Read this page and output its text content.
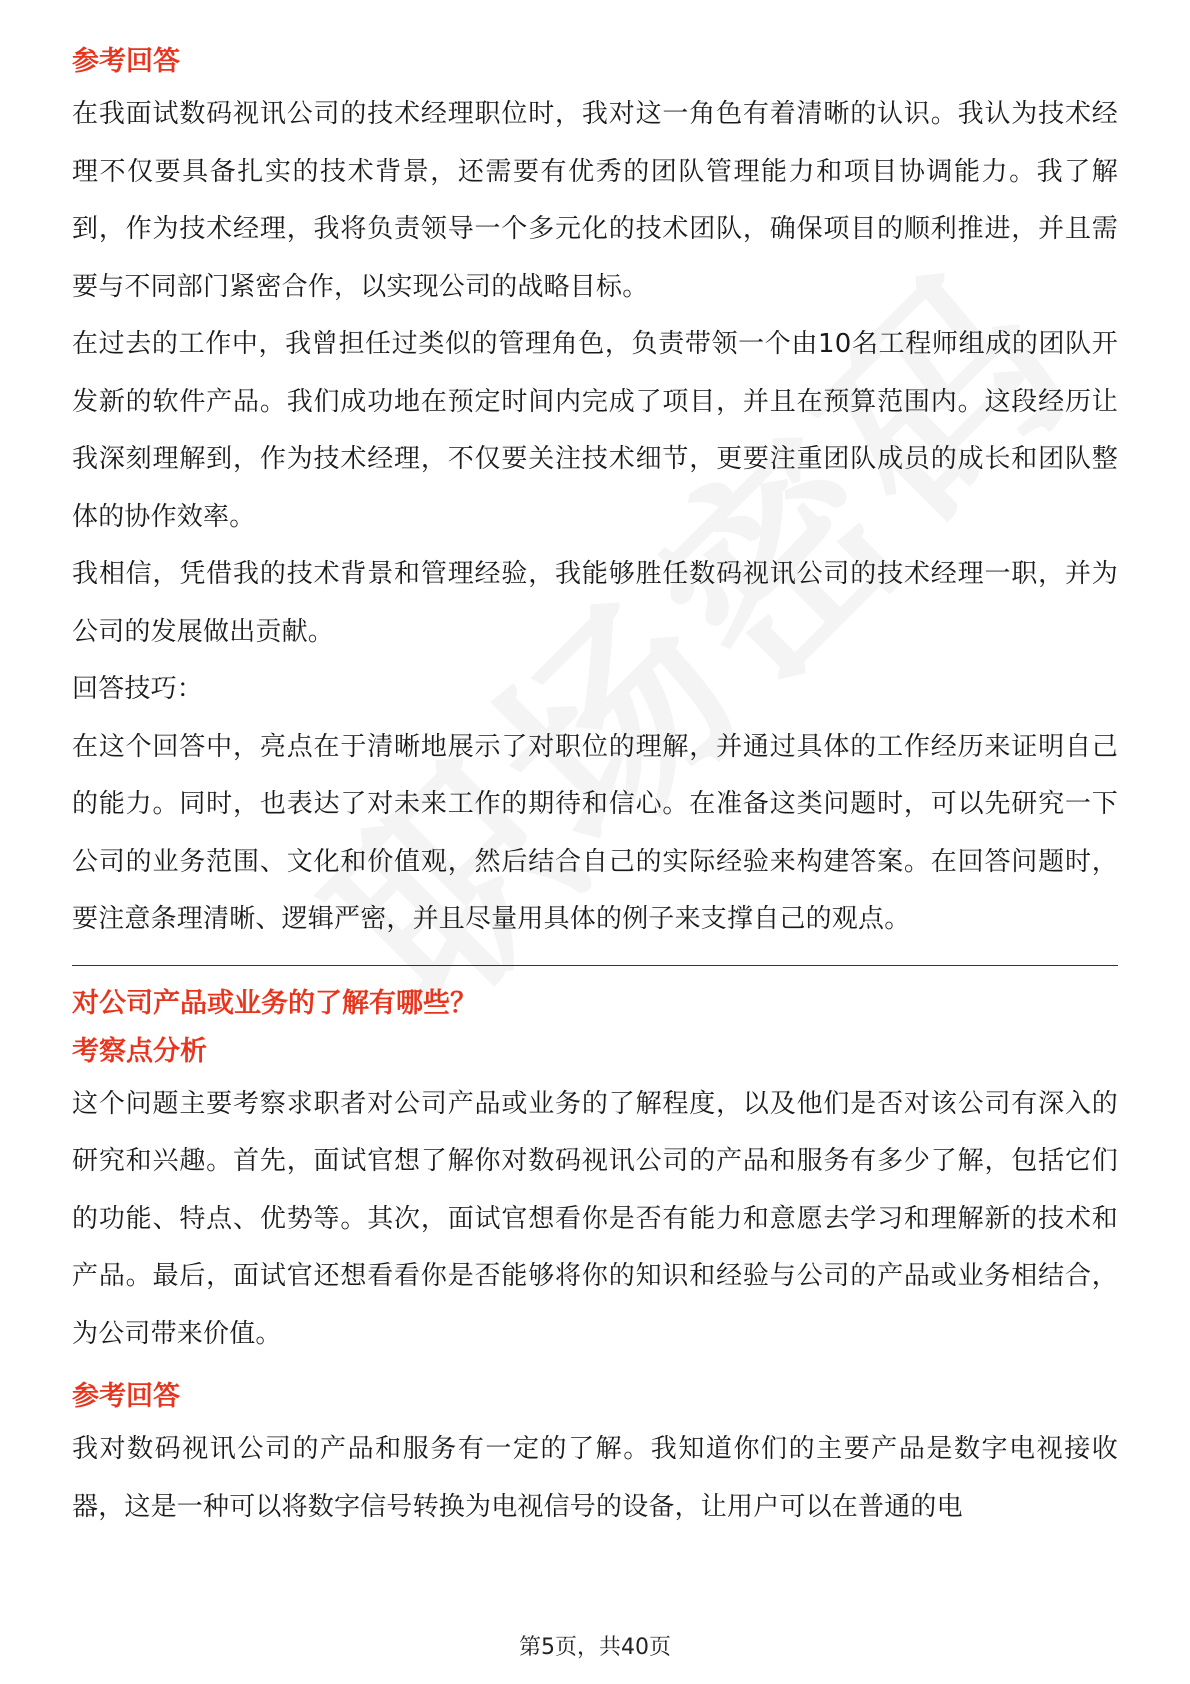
参考回答

在我面试数码视讯公司的技术经理职位时，我对这一角色有着清晰的认识。我认为技术经理不仅要具备扎实的技术背景，还需要有优秀的团队管理能力和项目协调能力。我了解到，作为技术经理，我将负责领导一个多元化的技术团队，确保项目的顺利推进，并且需要与不同部门紧密合作，以实现公司的战略目标。

在过去的工作中，我曾担任过类似的管理角色，负责带领一个由10名工程师组成的团队开发新的软件产品。我们成功地在预定时间内完成了项目，并且在预算范围内。这段经历让我深刻理解到，作为技术经理，不仅要关注技术细节，更要注重团队成员的成长和团队整体的协作效率。

我相信，凭借我的技术背景和管理经验，我能够胜任数码视讯公司的技术经理一职，并为公司的发展做出贡献。

回答技巧：

在这个回答中，亮点在于清晰地展示了对职位的理解，并通过具体的工作经历来证明自己的能力。同时，也表达了对未来工作的期待和信心。在准备这类问题时，可以先研究一下公司的业务范围、文化和价值观，然后结合自己的实际经验来构建答案。在回答问题时，要注意条理清晰、逻辑严密，并且尽量用具体的例子来支撑自己的观点。

对公司产品或业务的了解有哪些？

考察点分析

这个问题主要考察求职者对公司产品或业务的了解程度，以及他们是否对该公司有深入的研究和兴趣。首先，面试官想了解你对数码视讯公司的产品和服务有多少了解，包括它们的功能、特点、优势等。其次，面试官想看你是否有能力和意愿去学习和理解新的技术和产品。最后，面试官还想看看你是否能够将你的知识和经验与公司的产品或业务相结合，为公司带来价值。

参考回答

我对数码视讯公司的产品和服务有一定的了解。我知道你们的主要产品是数字电视接收器，这是一种可以将数字信号转换为电视信号的设备，让用户可以在普通的电

第5页，共40页
